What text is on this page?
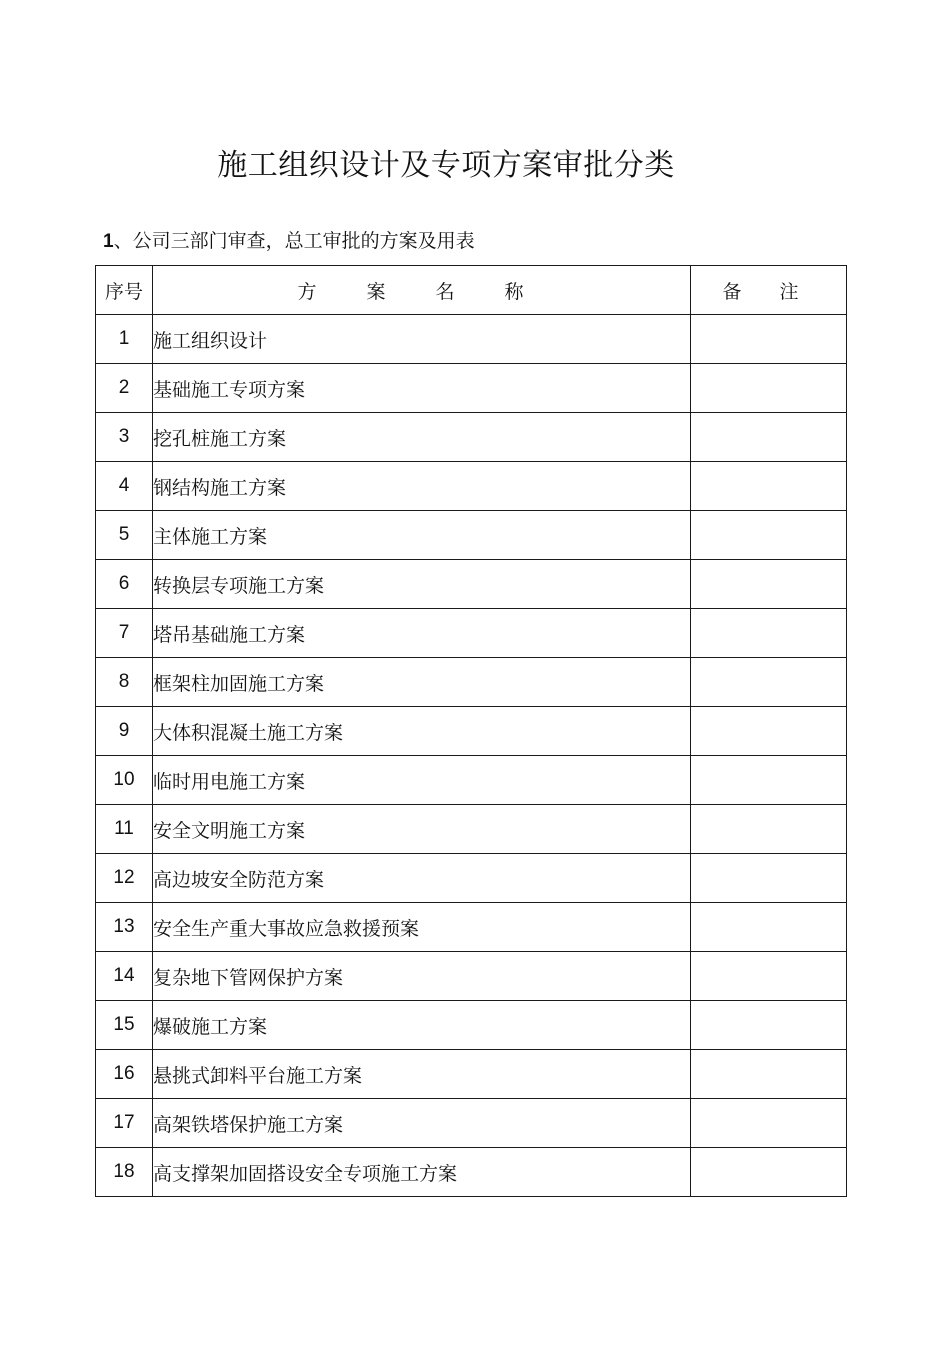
施工组织设计及专项方案审批分类

1、公司三部门审查，总工审批的方案及用表

序号	方 案 名 称	备 注
1	施工组织设计	
2	基础施工专项方案	
3	挖孔桩施工方案	
4	钢结构施工方案	
5	主体施工方案	
6	转换层专项施工方案	
7	塔吊基础施工方案	
8	框架柱加固施工方案	
9	大体积混凝土施工方案	
10	临时用电施工方案	
11	安全文明施工方案	
12	高边坡安全防范方案	
13	安全生产重大事故应急救援预案	
14	复杂地下管网保护方案	
15	爆破施工方案	
16	悬挑式卸料平台施工方案	
17	高架铁塔保护施工方案	
18	高支撑架加固搭设安全专项施工方案	
